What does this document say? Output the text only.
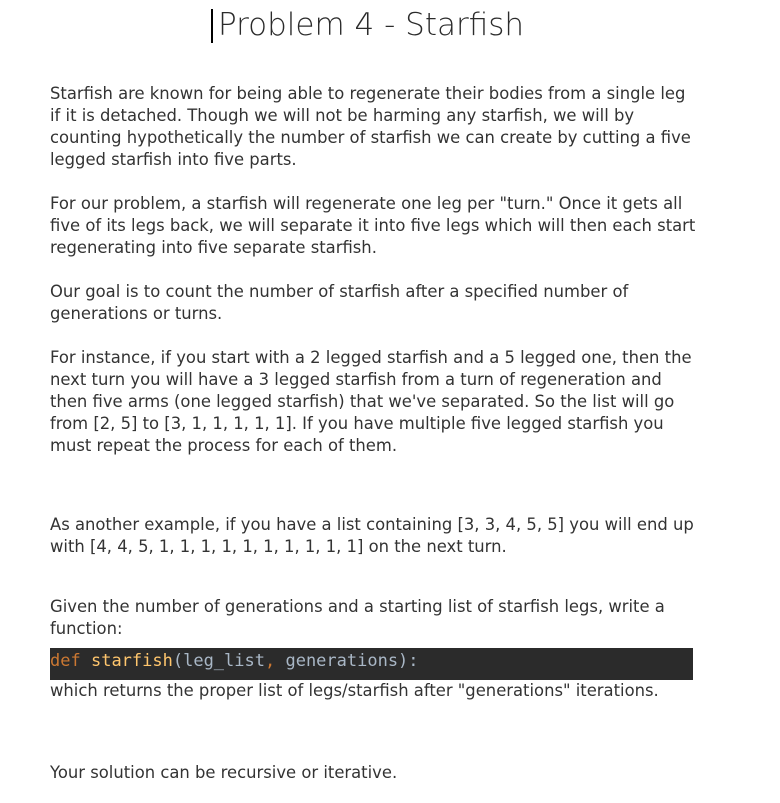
Problem 4 - Starfish

Starfish are known for being able to regenerate their bodies from a single leg if it is detached. Though we will not be harming any starfish, we will by counting hypothetically the number of starfish we can create by cutting a five legged starfish into five parts.

For our problem, a starfish will regenerate one leg per "turn." Once it gets all five of its legs back, we will separate it into five legs which will then each start regenerating into five separate starfish.

Our goal is to count the number of starfish after a specified number of generations or turns.

For instance, if you start with a 2 legged starfish and a 5 legged one, then the next turn you will have a 3 legged starfish from a turn of regeneration and then five arms (one legged starfish) that we've separated. So the list will go from [2, 5] to [3, 1, 1, 1, 1, 1]. If you have multiple five legged starfish you must repeat the process for each of them.

As another example, if you have a list containing [3, 3, 4, 5, 5] you will end up with [4, 4, 5, 1, 1, 1, 1, 1, 1, 1, 1, 1, 1] on the next turn.

Given the number of generations and a starting list of starfish legs, write a function:

def starfish(leg_list, generations):

which returns the proper list of legs/starfish after "generations" iterations.

Your solution can be recursive or iterative.
